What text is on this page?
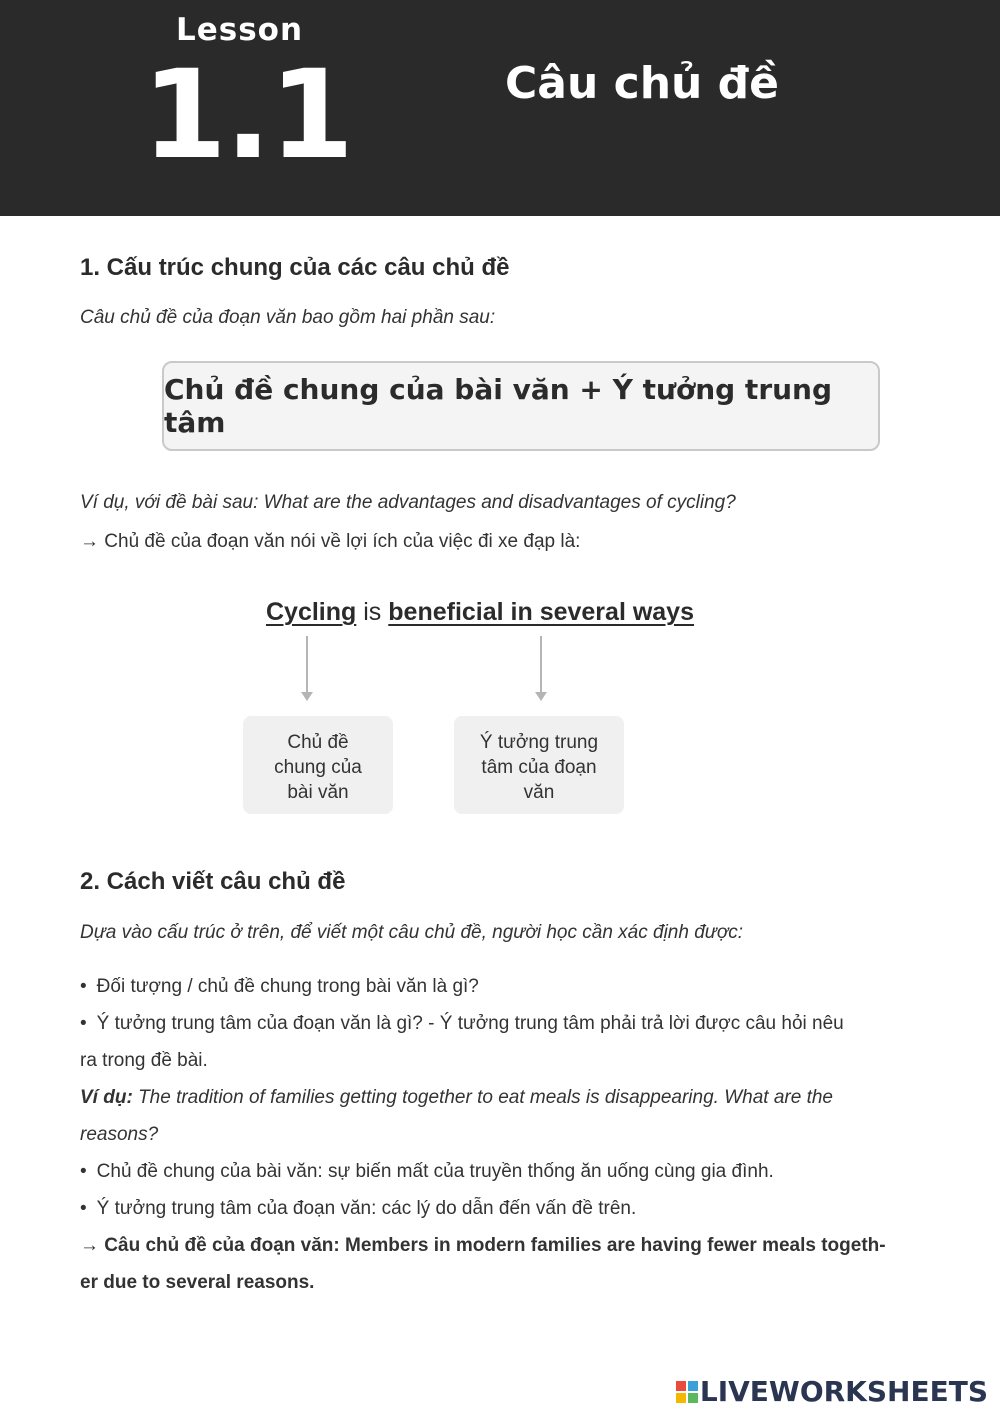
Lesson
1.1	Câu chủ đề
1. Cấu trúc chung của các câu chủ đề
Câu chủ đề của đoạn văn bao gồm hai phần sau:
Chủ đề chung của bài văn + Ý tưởng trung tâm
Ví dụ, với đề bài sau: What are the advantages and disadvantages of cycling?
→ Chủ đề của đoạn văn nói về lợi ích của việc đi xe đạp là:
Cycling is beneficial in several ways
Chủ đề
chung của
bài văn
Ý tưởng trung
tâm của đoạn
văn
2. Cách viết câu chủ đề
Dựa vào cấu trúc ở trên, để viết một câu chủ đề, người học cần xác định được:
• Đối tượng / chủ đề chung trong bài văn là gì?
• Ý tưởng trung tâm của đoạn văn là gì? - Ý tưởng trung tâm phải trả lời được câu hỏi nêu
ra trong đề bài.
Ví dụ: The tradition of families getting together to eat meals is disappearing. What are the
reasons?
• Chủ đề chung của bài văn: sự biến mất của truyền thống ăn uống cùng gia đình.
• Ý tưởng trung tâm của đoạn văn: các lý do dẫn đến vấn đề trên.
→ Câu chủ đề của đoạn văn: Members in modern families are having fewer meals togeth-
er due to several reasons.
LIVEWORKSHEETS
